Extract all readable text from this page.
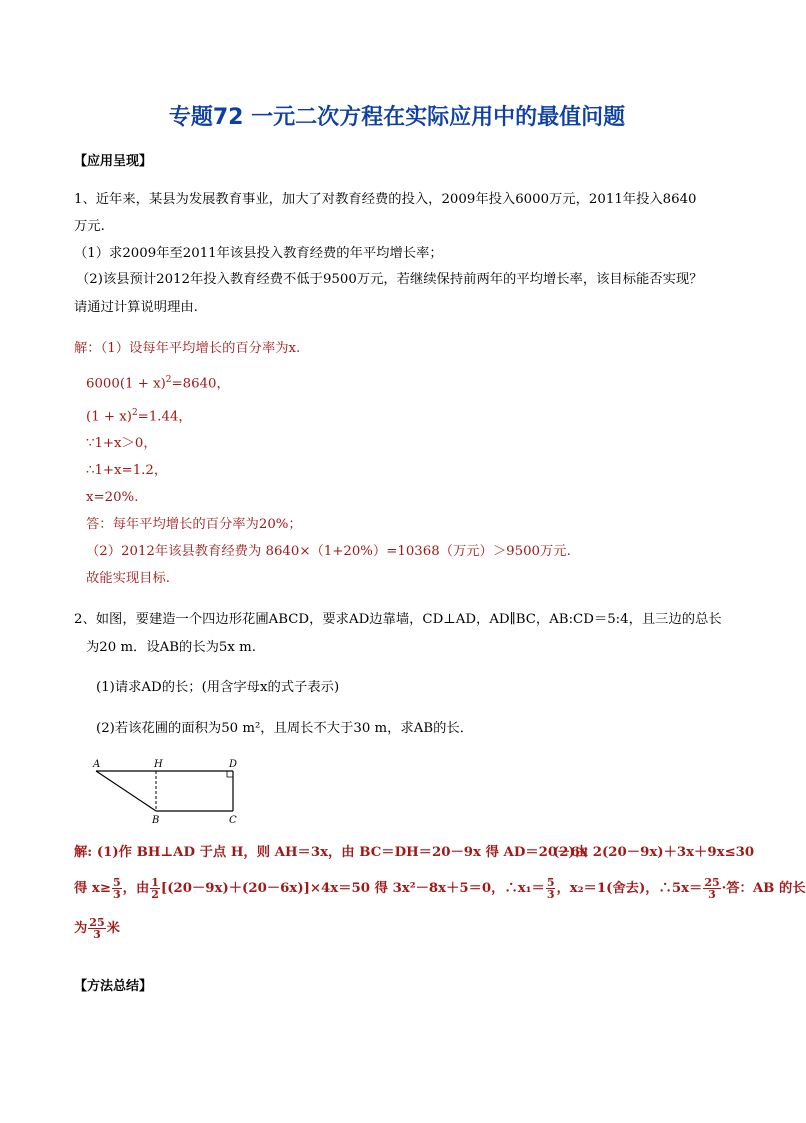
专题72 一元二次方程在实际应用中的最值问题
【应用呈现】
1、近年来，某县为发展教育事业，加大了对教育经费的投入，2009年投入6000万元，2011年投入8640
万元.
（1）求2009年至2011年该县投入教育经费的年平均增长率；
（2)该县预计2012年投入教育经费不低于9500万元，若继续保持前两年的平均增长率，该目标能否实现？
请通过计算说明理由.
解：（1）设每年平均增长的百分率为x.
$6000(1 + x)^2=8640$，
$(1 + x)^2=1.44$，
∵1+x＞0，
∴1+x=1.2，
x=20%.
答：每年平均增长的百分率为20%；
（2）2012年该县教育经费为 8640×（1+20%）=10368（万元）＞9500万元.
故能实现目标.
2、如图，要建造一个四边形花圃ABCD，要求AD边靠墙，CD⊥AD，AD∥BC，AB:CD＝5:4，且三边的总长
为20 m．设AB的长为5x m.
(1)请求AD的长；(用含字母x的式子表示)
(2)若该花圃的面积为50 m²，且周长不大于30 m，求AB的长．
A	H	D
B	C
解: (1)作 BH⊥AD 于点 H，则 AH＝3x，由 BC＝DH＝20－9x 得 AD＝20－6x
(2)由 2(20－9x)＋3x＋9x≤30
得 $x\ge \frac{5}{3}$ ，由 $\frac{1}{2} [(20-9x)+(20-6x)]\times 4x=50$ 得 3x²－8x＋5＝0，∴x₁＝ $\frac{5}{3}$ ，x₂＝1(舍去)，∴5x＝ $\frac{25}{3}$ ·答：AB 的长
为 $\frac{25}{3}$ 米
【方法总结】
